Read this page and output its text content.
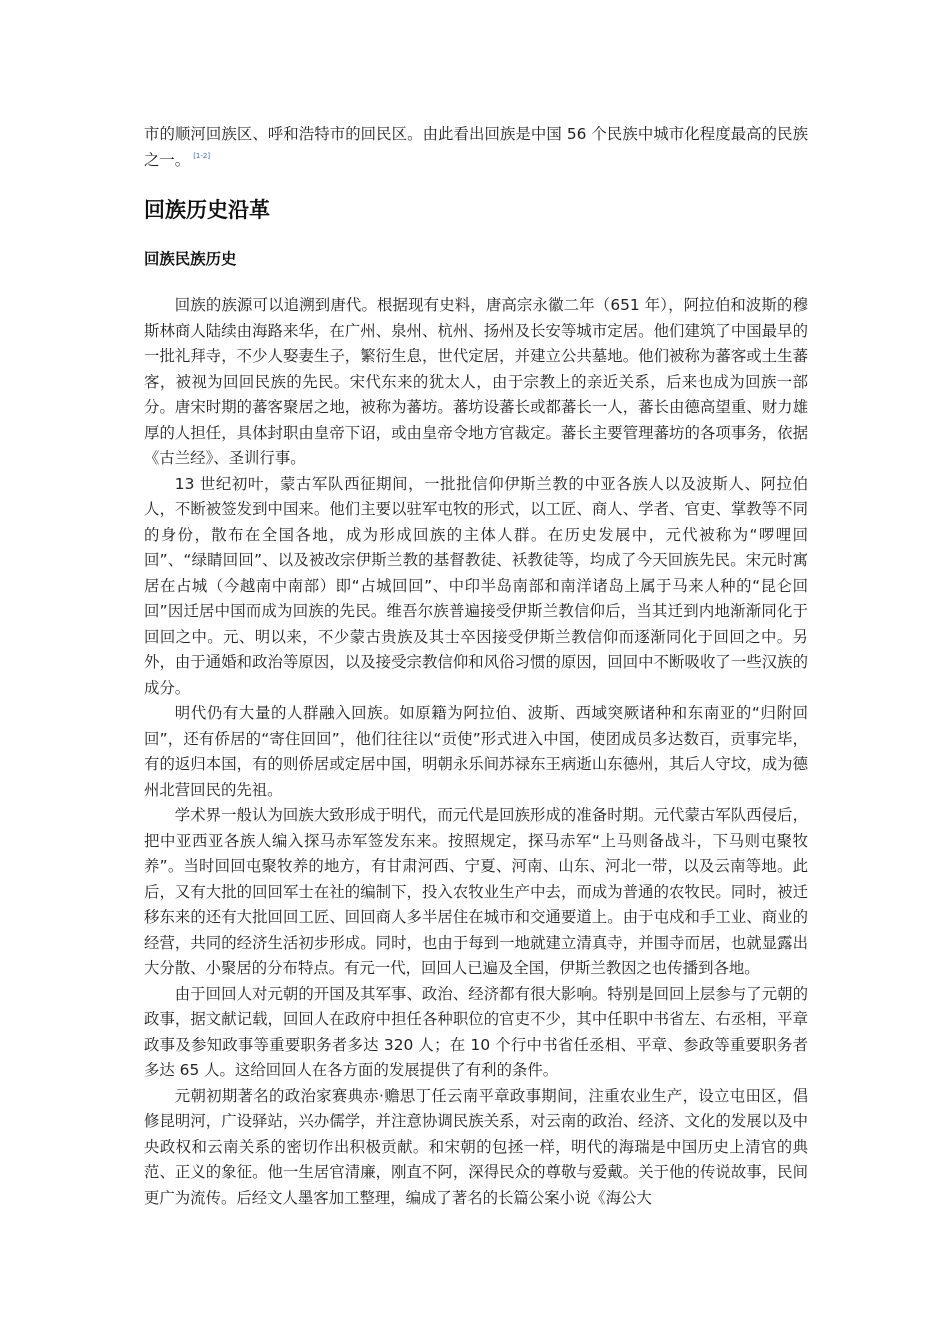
市的顺河回族区、呼和浩特市的回民区。由此看出回族是中国 56 个民族中城市化程度最高的民族之一。 [1-2]

回族历史沿革
回族民族历史

回族的族源可以追溯到唐代。根据现有史料，唐高宗永徽二年（651 年），阿拉伯和波斯的穆斯林商人陆续由海路来华，在广州、泉州、杭州、扬州及长安等城市定居。他们建筑了中国最早的一批礼拜寺，不少人娶妻生子，繁衍生息，世代定居，并建立公共墓地。他们被称为蕃客或土生蕃客，被视为回回民族的先民。宋代东来的犹太人，由于宗教上的亲近关系，后来也成为回族一部分。唐宋时期的蕃客聚居之地，被称为蕃坊。蕃坊设蕃长或都蕃长一人，蕃长由德高望重、财力雄厚的人担任，具体封职由皇帝下诏，或由皇帝令地方官裁定。蕃长主要管理蕃坊的各项事务，依据《古兰经》、圣训行事。

13 世纪初叶，蒙古军队西征期间，一批批信仰伊斯兰教的中亚各族人以及波斯人、阿拉伯人，不断被签发到中国来。他们主要以驻军屯牧的形式，以工匠、商人、学者、官吏、掌教等不同的身份，散布在全国各地，成为形成回族的主体人群。在历史发展中，元代被称为“啰哩回回”、“绿睛回回”、以及被改宗伊斯兰教的基督教徒、袄教徒等，均成了今天回族先民。宋元时寓居在占城（今越南中南部）即“占城回回”、中印半岛南部和南洋诸岛上属于马来人种的“昆仑回回”因迁居中国而成为回族的先民。维吾尔族普遍接受伊斯兰教信仰后，当其迁到内地渐渐同化于回回之中。元、明以来，不少蒙古贵族及其士卒因接受伊斯兰教信仰而逐渐同化于回回之中。另外，由于通婚和政治等原因，以及接受宗教信仰和风俗习惯的原因，回回中不断吸收了一些汉族的成分。

明代仍有大量的人群融入回族。如原籍为阿拉伯、波斯、西域突厥诸种和东南亚的“归附回回”，还有侨居的“寄住回回”，他们往往以“贡使”形式进入中国，使团成员多达数百，贡事完毕，有的返归本国，有的则侨居或定居中国，明朝永乐间苏禄东王病逝山东德州，其后人守坟，成为德州北营回民的先祖。

学术界一般认为回族大致形成于明代，而元代是回族形成的准备时期。元代蒙古军队西侵后，把中亚西亚各族人编入探马赤军签发东来。按照规定，探马赤军“上马则备战斗，下马则屯聚牧养”。当时回回屯聚牧养的地方，有甘肃河西、宁夏、河南、山东、河北一带，以及云南等地。此后，又有大批的回回军士在社的编制下，投入农牧业生产中去，而成为普通的农牧民。同时，被迁移东来的还有大批回回工匠、回回商人多半居住在城市和交通要道上。由于屯戍和手工业、商业的经营，共同的经济生活初步形成。同时，也由于每到一地就建立清真寺，并围寺而居，也就显露出大分散、小聚居的分布特点。有元一代，回回人已遍及全国，伊斯兰教因之也传播到各地。

由于回回人对元朝的开国及其军事、政治、经济都有很大影响。特别是回回上层参与了元朝的政事，据文献记载，回回人在政府中担任各种职位的官吏不少，其中任职中书省左、右丞相，平章政事及参知政事等重要职务者多达 320 人；在 10 个行中书省任丞相、平章、参政等重要职务者多达 65 人。这给回回人在各方面的发展提供了有利的条件。

元朝初期著名的政治家赛典赤·赡思丁任云南平章政事期间，注重农业生产，设立屯田区，倡修昆明河，广设驿站，兴办儒学，并注意协调民族关系，对云南的政治、经济、文化的发展以及中央政权和云南关系的密切作出积极贡献。和宋朝的包拯一样，明代的海瑞是中国历史上清官的典范、正义的象征。他一生居官清廉，刚直不阿，深得民众的尊敬与爱戴。关于他的传说故事，民间更广为流传。后经文人墨客加工整理，编成了著名的长篇公案小说《海公大
